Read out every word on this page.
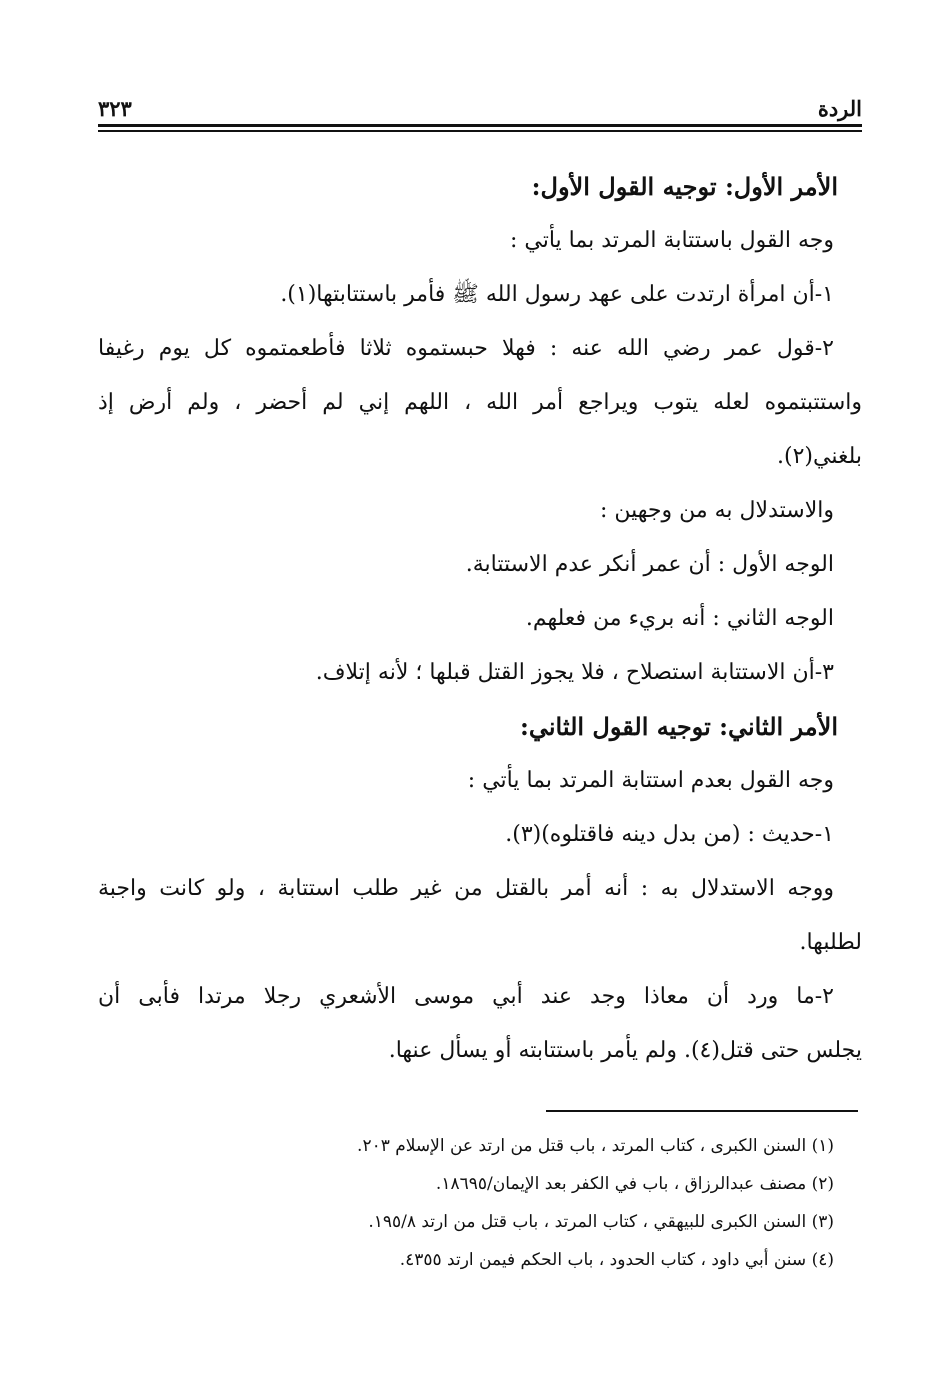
الردة
٣٢٣
الأمر الأول: توجيه القول الأول:
وجه القول باستتابة المرتد بما يأتي :
١-أن امرأة ارتدت على عهد رسول الله ﷺ فأمر باستتابتها(١).
٢-قول عمر رضي الله عنه : فهلا حبستموه ثلاثا فأطعمتموه كل يوم رغيفا
واستتبتموه لعله يتوب ويراجع أمر الله ، اللهم إني لم أحضر ، ولم أرض إذ
بلغني(٢).
والاستدلال به من وجهين :
الوجه الأول : أن عمر أنكر عدم الاستتابة.
الوجه الثاني : أنه بريء من فعلهم.
٣-أن الاستتابة استصلاح ، فلا يجوز القتل قبلها ؛ لأنه إتلاف.
الأمر الثاني: توجيه القول الثاني:
وجه القول بعدم استتابة المرتد بما يأتي :
١-حديث : (من بدل دينه فاقتلوه)(٣).
ووجه الاستدلال به : أنه أمر بالقتل من غير طلب استتابة ، ولو كانت واجبة
لطلبها.
٢-ما ورد أن معاذا وجد عند أبي موسى الأشعري رجلا مرتدا فأبى أن
يجلس حتى قتل(٤). ولم يأمر باستتابته أو يسأل عنها.
(١) السنن الكبرى ، كتاب المرتد ، باب قتل من ارتد عن الإسلام ٢٠٣.
(٢) مصنف عبدالرزاق ، باب في الكفر بعد الإيمان/١٨٦٩٥.
(٣) السنن الكبرى للبيهقي ، كتاب المرتد ، باب قتل من ارتد ١٩٥/٨.
(٤) سنن أبي داود ، كتاب الحدود ، باب الحكم فيمن ارتد ٤٣٥٥.
